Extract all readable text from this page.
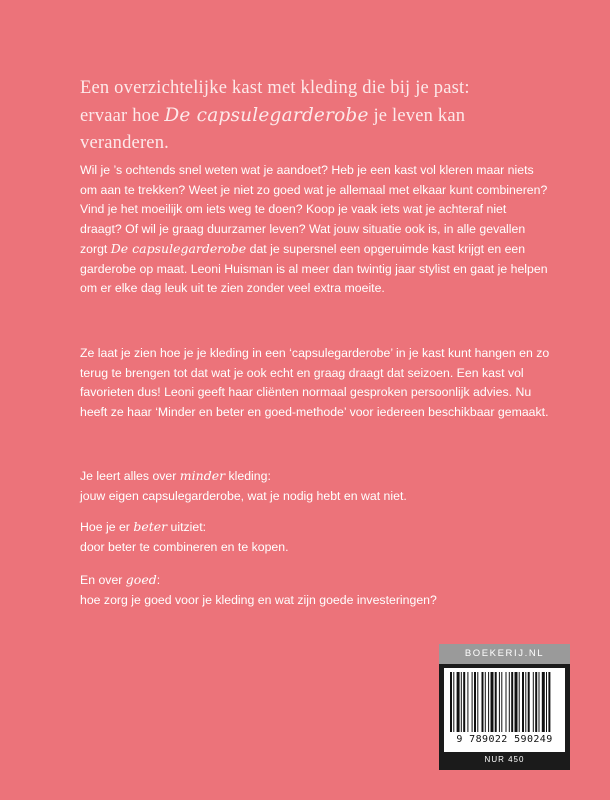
Een overzichtelijke kast met kleding die bij je past:
ervaar hoe De capsulegarderobe je leven kan veranderen.
Wil je ’s ochtends snel weten wat je aandoet? Heb je een kast vol kleren maar niets om aan te trekken? Weet je niet zo goed wat je allemaal met elkaar kunt combineren? Vind je het moeilijk om iets weg te doen? Koop je vaak iets wat je achteraf niet draagt? Of wil je graag duurzamer leven? Wat jouw situatie ook is, in alle gevallen zorgt De capsulegarderobe dat je supersnel een opgeruimde kast krijgt en een garderobe op maat. Leoni Huisman is al meer dan twintig jaar stylist en gaat je helpen om er elke dag leuk uit te zien zonder veel extra moeite.
Ze laat je zien hoe je je kleding in een ‘capsulegarderobe’ in je kast kunt hangen en zo terug te brengen tot dat wat je ook echt en graag draagt dat seizoen. Een kast vol favorieten dus! Leoni geeft haar cliënten normaal gesproken persoonlijk advies. Nu heeft ze haar ‘Minder en beter en goed-methode’ voor iedereen beschikbaar gemaakt.
Je leert alles over minder kleding:
jouw eigen capsulegarderobe, wat je nodig hebt en wat niet.
Hoe je er beter uitziet:
door beter te combineren en te kopen.
En over goed:
hoe zorg je goed voor je kleding en wat zijn goede investeringen?
BOEKERIJ.NL
9 789022 590249
NUR 450
